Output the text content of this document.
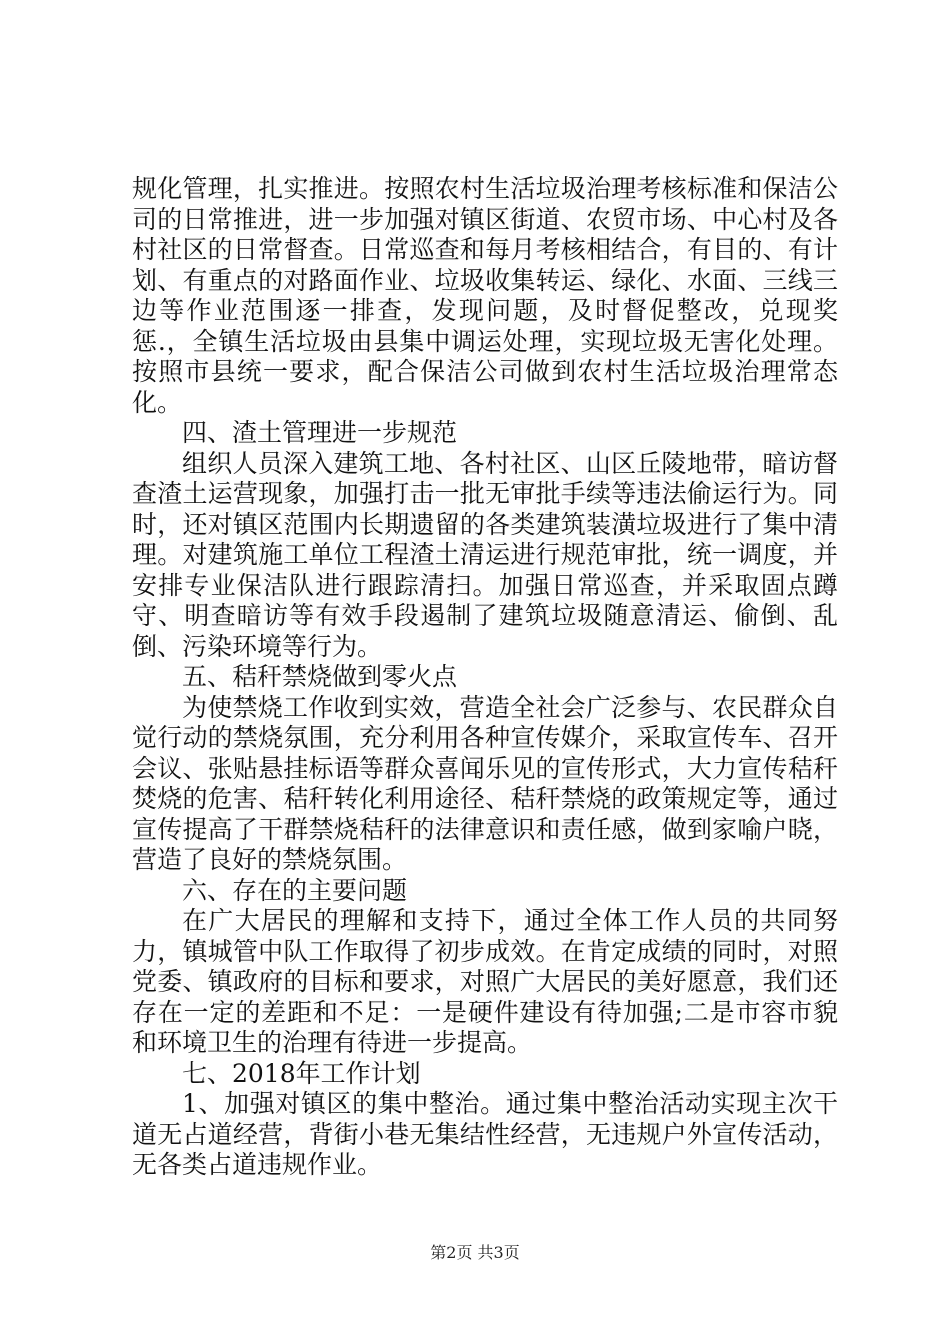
规化管理，扎实推进。按照农村生活垃圾治理考核标准和保洁公司的日常推进，进一步加强对镇区街道、农贸市场、中心村及各村社区的日常督查。日常巡查和每月考核相结合，有目的、有计划、有重点的对路面作业、垃圾收集转运、绿化、水面、三线三边等作业范围逐一排查，发现问题，及时督促整改，兑现奖惩.，全镇生活垃圾由县集中调运处理，实现垃圾无害化处理。按照市县统一要求，配合保洁公司做到农村生活垃圾治理常态化。

四、渣土管理进一步规范

组织人员深入建筑工地、各村社区、山区丘陵地带，暗访督查渣土运营现象，加强打击一批无审批手续等违法偷运行为。同时，还对镇区范围内长期遗留的各类建筑装潢垃圾进行了集中清理。对建筑施工单位工程渣土清运进行规范审批，统一调度，并安排专业保洁队进行跟踪清扫。加强日常巡查，并采取固点蹲守、明查暗访等有效手段遏制了建筑垃圾随意清运、偷倒、乱倒、污染环境等行为。

五、秸秆禁烧做到零火点

为使禁烧工作收到实效，营造全社会广泛参与、农民群众自觉行动的禁烧氛围，充分利用各种宣传媒介，采取宣传车、召开会议、张贴悬挂标语等群众喜闻乐见的宣传形式，大力宣传秸秆焚烧的危害、秸秆转化利用途径、秸秆禁烧的政策规定等，通过宣传提高了干群禁烧秸秆的法律意识和责任感，做到家喻户晓，营造了良好的禁烧氛围。

六、存在的主要问题

在广大居民的理解和支持下，通过全体工作人员的共同努力，镇城管中队工作取得了初步成效。在肯定成绩的同时，对照党委、镇政府的目标和要求，对照广大居民的美好愿意，我们还存在一定的差距和不足：一是硬件建设有待加强;二是市容市貌和环境卫生的治理有待进一步提高。

七、2018年工作计划

1、加强对镇区的集中整治。通过集中整治活动实现主次干道无占道经营，背街小巷无集结性经营，无违规户外宣传活动，无各类占道违规作业。

第2页 共3页
